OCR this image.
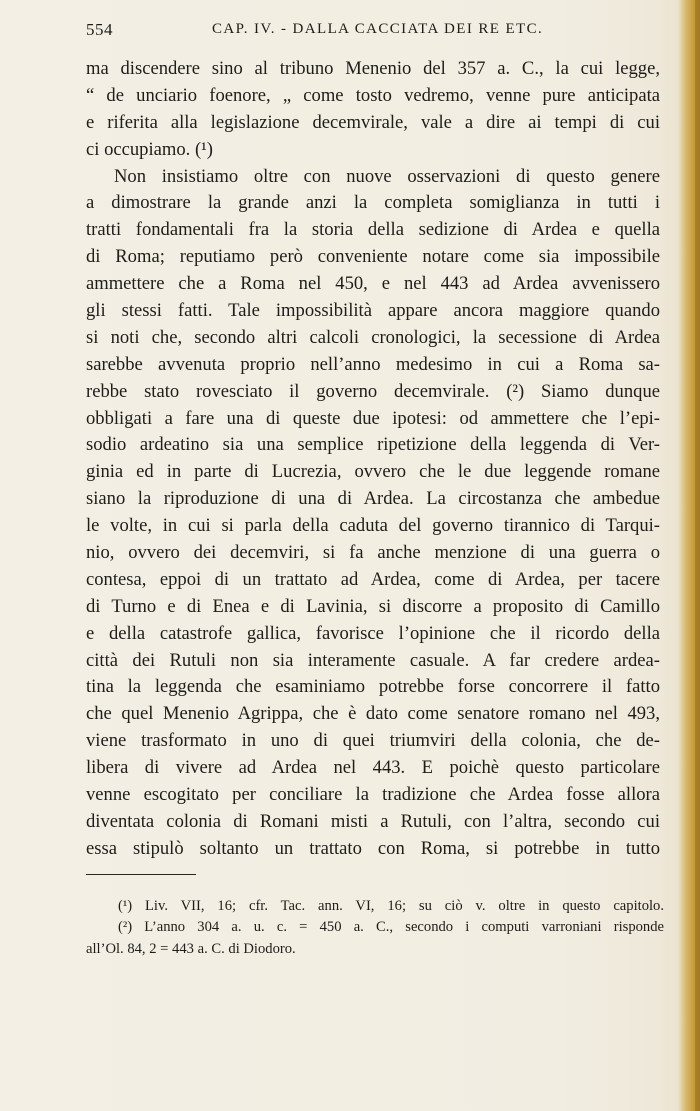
554	CAP. IV. - DALLA CACCIATA DEI RE ETC.
ma discendere sino al tribuno Menenio del 357 a. C., la cui legge,
“ de unciario foenore, „ come tosto vedremo, venne pure anticipata
e riferita alla legislazione decemvirale, vale a dire ai tempi di cui
ci occupiamo. (¹)
Non insistiamo oltre con nuove osservazioni di questo genere
a dimostrare la grande anzi la completa somiglianza in tutti i
tratti fondamentali fra la storia della sedizione di Ardea e quella
di Roma; reputiamo però conveniente notare come sia impossibile
ammettere che a Roma nel 450, e nel 443 ad Ardea avvenissero
gli stessi fatti. Tale impossibilità appare ancora maggiore quando
si noti che, secondo altri calcoli cronologici, la secessione di Ardea
sarebbe avvenuta proprio nell’anno medesimo in cui a Roma sa-
rebbe stato rovesciato il governo decemvirale. (²) Siamo dunque
obbligati a fare una di queste due ipotesi: od ammettere che l’epi-
sodio ardeatino sia una semplice ripetizione della leggenda di Ver-
ginia ed in parte di Lucrezia, ovvero che le due leggende romane
siano la riproduzione di una di Ardea. La circostanza che ambedue
le volte, in cui si parla della caduta del governo tirannico di Tarqui-
nio, ovvero dei decemviri, si fa anche menzione di una guerra o
contesa, eppoi di un trattato ad Ardea, come di Ardea, per tacere
di Turno e di Enea e di Lavinia, si discorre a proposito di Camillo
e della catastrofe gallica, favorisce l’opinione che il ricordo della
città dei Rutuli non sia interamente casuale. A far credere ardea-
tina la leggenda che esaminiamo potrebbe forse concorrere il fatto
che quel Menenio Agrippa, che è dato come senatore romano nel 493,
viene trasformato in uno di quei triumviri della colonia, che de-
libera di vivere ad Ardea nel 443. E poichè questo particolare
venne escogitato per conciliare la tradizione che Ardea fosse allora
diventata colonia di Romani misti a Rutuli, con l’altra, secondo cui
essa stipulò soltanto un trattato con Roma, si potrebbe in tutto
(¹) Liv. VII, 16; cfr. Tac. ann. VI, 16; su ciò v. oltre in questo capitolo.
(²) L’anno 304 a. u. c. = 450 a. C., secondo i computi varroniani risponde
all’Ol. 84, 2 = 443 a. C. di Diodoro.
